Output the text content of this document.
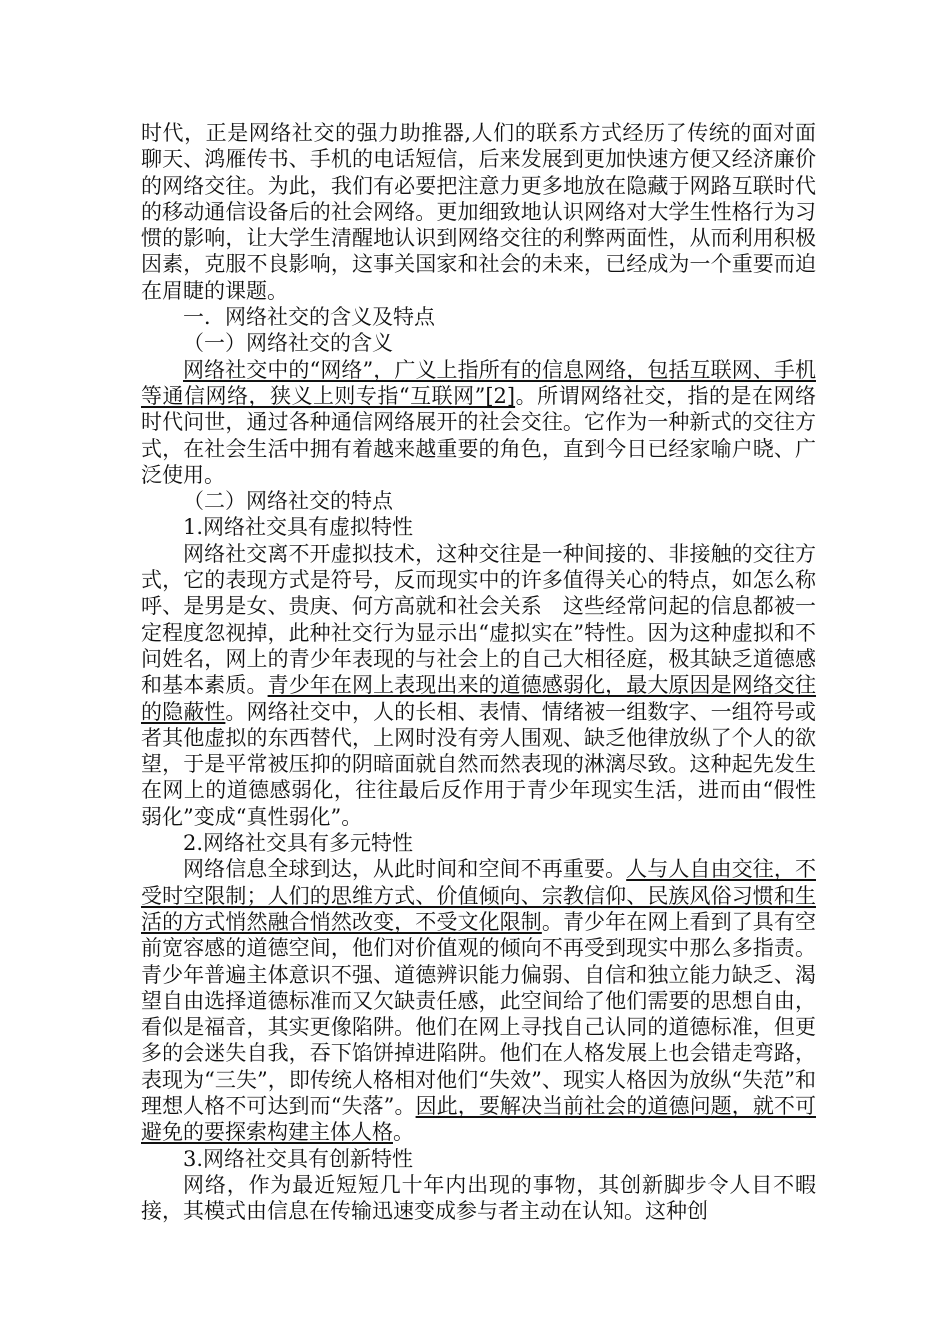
时代，正是网络社交的强力助推器,人们的联系方式经历了传统的面对面聊天、鸿雁传书、手机的电话短信，后来发展到更加快速方便又经济廉价的网络交往。为此，我们有必要把注意力更多地放在隐藏于网路互联时代的移动通信设备后的社会网络。更加细致地认识网络对大学生性格行为习惯的影响，让大学生清醒地认识到网络交往的利弊两面性，从而利用积极因素，克服不良影响，这事关国家和社会的未来，已经成为一个重要而迫在眉睫的课题。

一．网络社交的含义及特点

（一）网络社交的含义

网络社交中的“网络”，广义上指所有的信息网络，包括互联网、手机等通信网络，狭义上则专指“互联网”[2]。所谓网络社交，指的是在网络时代问世，通过各种通信网络展开的社会交往。它作为一种新式的交往方式，在社会生活中拥有着越来越重要的角色，直到今日已经家喻户晓、广泛使用。

（二）网络社交的特点

1.网络社交具有虚拟特性

网络社交离不开虚拟技术，这种交往是一种间接的、非接触的交往方式，它的表现方式是符号，反而现实中的许多值得关心的特点，如怎么称呼、是男是女、贵庚、何方高就和社会关系　这些经常问起的信息都被一定程度忽视掉，此种社交行为显示出“虚拟实在”特性。因为这种虚拟和不问姓名，网上的青少年表现的与社会上的自己大相径庭，极其缺乏道德感和基本素质。青少年在网上表现出来的道德感弱化，最大原因是网络交往的隐蔽性。网络社交中，人的长相、表情、情绪被一组数字、一组符号或者其他虚拟的东西替代，上网时没有旁人围观、缺乏他律放纵了个人的欲望，于是平常被压抑的阴暗面就自然而然表现的淋漓尽致。这种起先发生在网上的道德感弱化，往往最后反作用于青少年现实生活，进而由“假性弱化”变成“真性弱化”。

2.网络社交具有多元特性

网络信息全球到达，从此时间和空间不再重要。人与人自由交往，不受时空限制；人们的思维方式、价值倾向、宗教信仰、民族风俗习惯和生活的方式悄然融合悄然改变，不受文化限制。青少年在网上看到了具有空前宽容感的道德空间，他们对价值观的倾向不再受到现实中那么多指责。青少年普遍主体意识不强、道德辨识能力偏弱、自信和独立能力缺乏、渴望自由选择道德标准而又欠缺责任感，此空间给了他们需要的思想自由，看似是福音，其实更像陷阱。他们在网上寻找自己认同的道德标准，但更多的会迷失自我，吞下馅饼掉进陷阱。他们在人格发展上也会错走弯路，表现为“三失”，即传统人格相对他们“失效”、现实人格因为放纵“失范”和理想人格不可达到而“失落”。因此，要解决当前社会的道德问题，就不可避免的要探索构建主体人格。

3.网络社交具有创新特性

网络，作为最近短短几十年内出现的事物，其创新脚步令人目不暇接，其模式由信息在传输迅速变成参与者主动在认知。这种创
